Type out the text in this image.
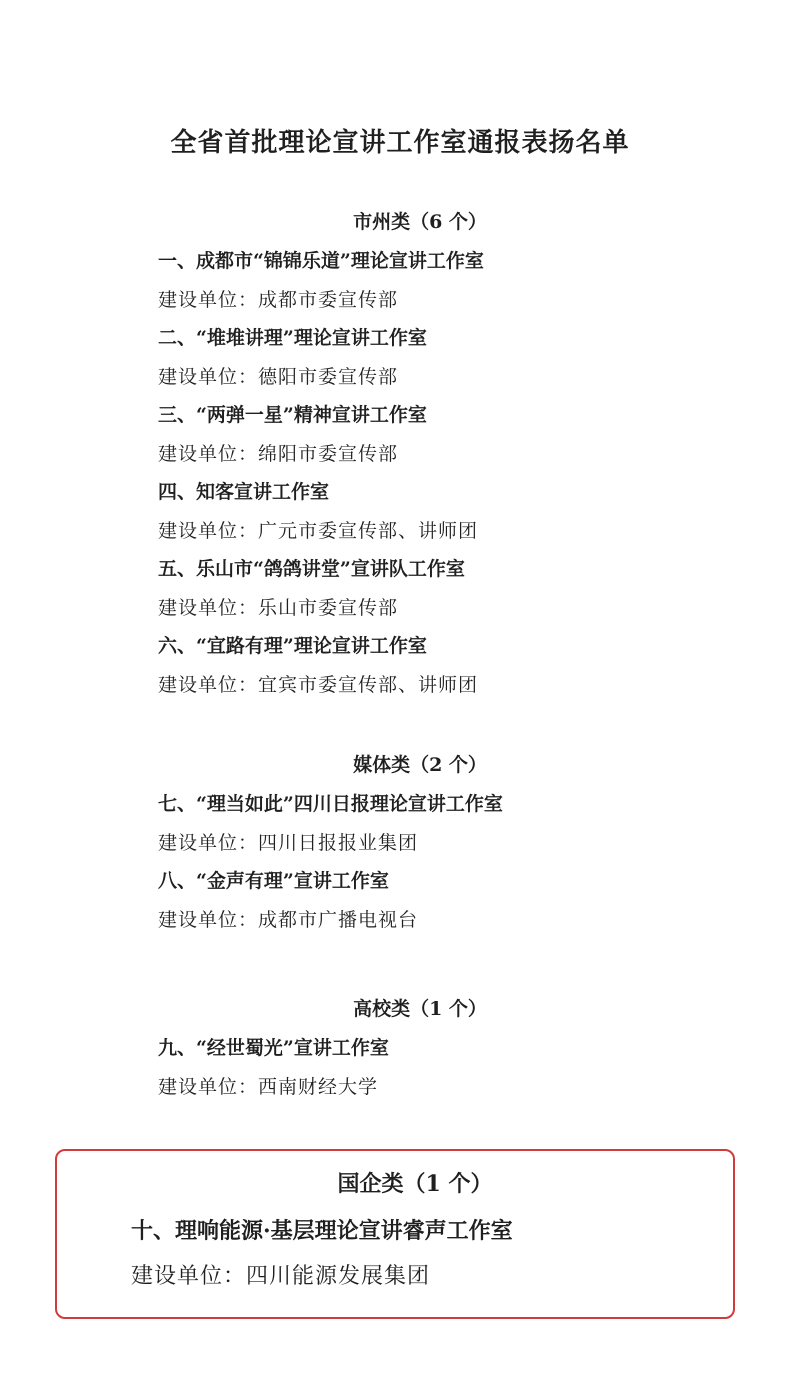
全省首批理论宣讲工作室通报表扬名单
市州类（6 个）
一、成都市“锦锦乐道”理论宣讲工作室
建设单位：成都市委宣传部
二、“堆堆讲理”理论宣讲工作室
建设单位：德阳市委宣传部
三、“两弹一星”精神宣讲工作室
建设单位：绵阳市委宣传部
四、知客宣讲工作室
建设单位：广元市委宣传部、讲师团
五、乐山市“鸽鸽讲堂”宣讲队工作室
建设单位：乐山市委宣传部
六、“宜路有理”理论宣讲工作室
建设单位：宜宾市委宣传部、讲师团
媒体类（2 个）
七、“理当如此”四川日报理论宣讲工作室
建设单位：四川日报报业集团
八、“金声有理”宣讲工作室
建设单位：成都市广播电视台
高校类（1 个）
九、“经世蜀光”宣讲工作室
建设单位：西南财经大学
国企类（1 个）
十、理响能源·基层理论宣讲睿声工作室
建设单位：四川能源发展集团
